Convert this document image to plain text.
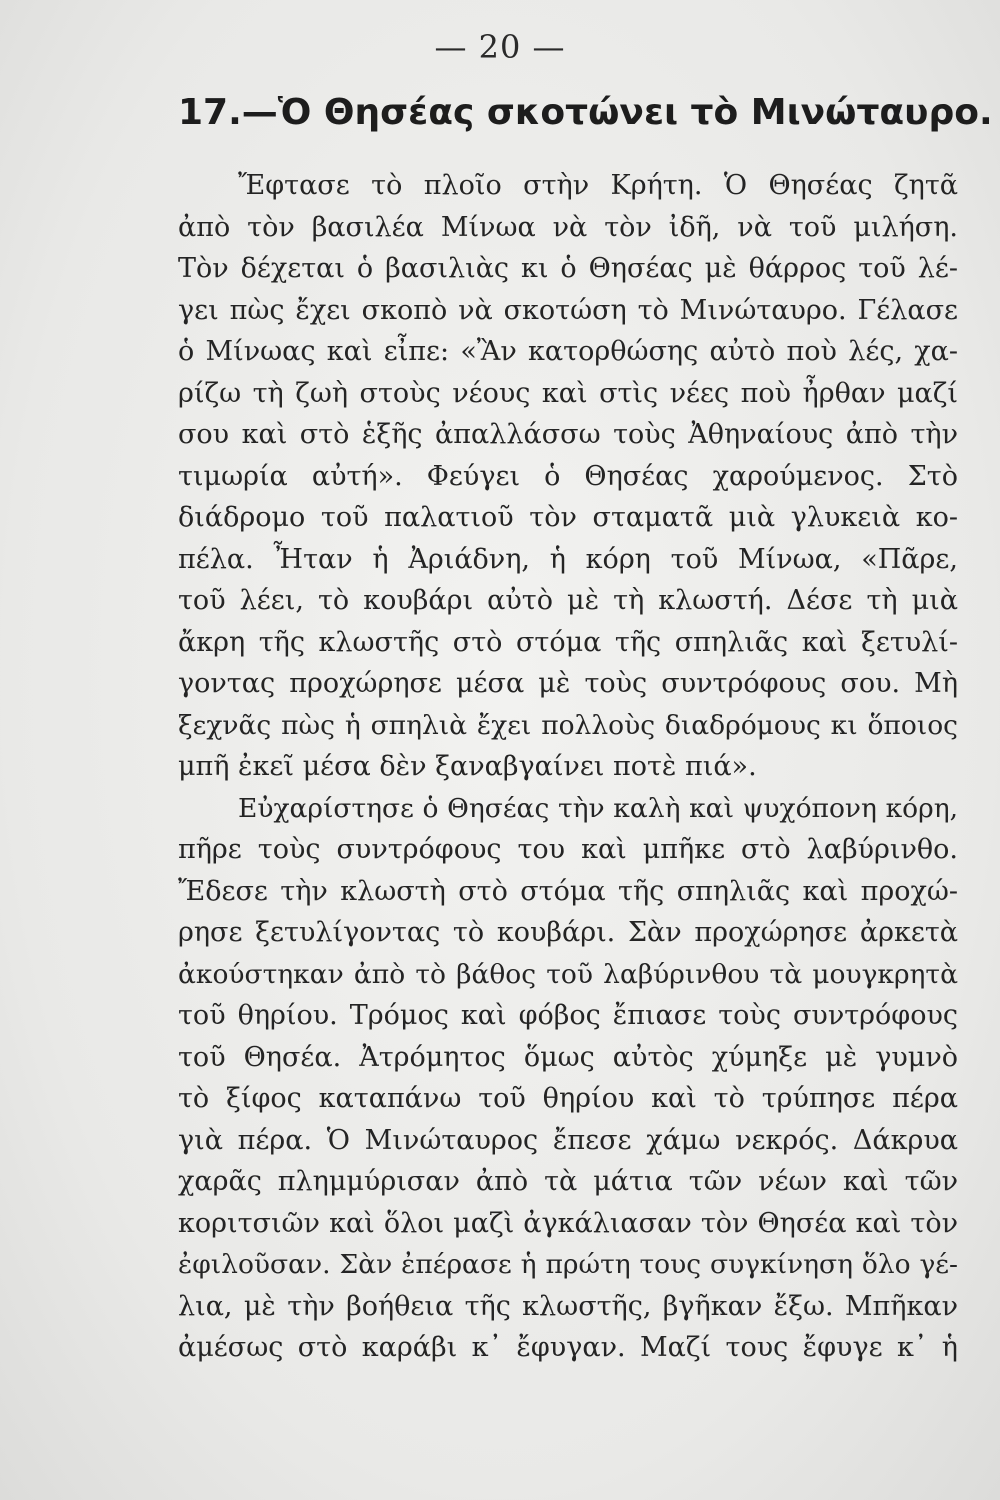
— 20 —
17.—Ὁ Θησέας σκοτώνει τὸ Μινώταυρο.
Ἔφτασε τὸ πλοῖο στὴν Κρήτη. Ὁ Θησέας ζητᾶ
ἀπὸ τὸν βασιλέα Μίνωα νὰ τὸν ἰδῆ, νὰ τοῦ μιλήση.
Τὸν δέχεται ὁ βασιλιὰς κι ὁ Θησέας μὲ θάρρος τοῦ λέ-
γει πὼς ἔχει σκοπὸ νὰ σκοτώση τὸ Μινώταυρο. Γέλασε
ὁ Μίνωας καὶ εἶπε: «Ἂν κατορθώσης αὐτὸ ποὺ λές, χα-
ρίζω τὴ ζωὴ στοὺς νέους καὶ στὶς νέες ποὺ ἦρθαν μαζί
σου καὶ στὸ ἑξῆς ἀπαλλάσσω τοὺς Ἀθηναίους ἀπὸ τὴν
τιμωρία αὐτή». Φεύγει ὁ Θησέας χαρούμενος. Στὸ
διάδρομο τοῦ παλατιοῦ τὸν σταματᾶ μιὰ γλυκειὰ κο-
πέλα. Ἦταν ἡ Ἀριάδνη, ἡ κόρη τοῦ Μίνωα, «Πᾶρε,
τοῦ λέει, τὸ κουβάρι αὐτὸ μὲ τὴ κλωστή. Δέσε τὴ μιὰ
ἄκρη τῆς κλωστῆς στὸ στόμα τῆς σπηλιᾶς καὶ ξετυλί-
γοντας προχώρησε μέσα μὲ τοὺς συντρόφους σου. Μὴ
ξεχνᾶς πὼς ἡ σπηλιὰ ἔχει πολλοὺς διαδρόμους κι ὅποιος
μπῆ ἐκεῖ μέσα δὲν ξαναβγαίνει ποτὲ πιά».
Εὐχαρίστησε ὁ Θησέας τὴν καλὴ καὶ ψυχόπονη κόρη,
πῆρε τοὺς συντρόφους του καὶ μπῆκε στὸ λαβύρινθο.
Ἔδεσε τὴν κλωστὴ στὸ στόμα τῆς σπηλιᾶς καὶ προχώ-
ρησε ξετυλίγοντας τὸ κουβάρι. Σὰν προχώρησε ἀρκετὰ
ἀκούστηκαν ἀπὸ τὸ βάθος τοῦ λαβύρινθου τὰ μουγκρητὰ
τοῦ θηρίου. Τρόμος καὶ φόβος ἔπιασε τοὺς συντρόφους
τοῦ Θησέα. Ἀτρόμητος ὅμως αὐτὸς χύμηξε μὲ γυμνὸ
τὸ ξίφος καταπάνω τοῦ θηρίου καὶ τὸ τρύπησε πέρα
γιὰ πέρα. Ὁ Μινώταυρος ἔπεσε χάμω νεκρός. Δάκρυα
χαρᾶς πλημμύρισαν ἀπὸ τὰ μάτια τῶν νέων καὶ τῶν
κοριτσιῶν καὶ ὅλοι μαζὶ ἀγκάλιασαν τὸν Θησέα καὶ τὸν
ἐφιλοῦσαν. Σὰν ἐπέρασε ἡ πρώτη τους συγκίνηση ὅλο γέ-
λια, μὲ τὴν βοήθεια τῆς κλωστῆς, βγῆκαν ἔξω. Μπῆκαν
ἀμέσως στὸ καράβι κ᾿ ἔφυγαν. Μαζί τους ἔφυγε κ᾿ ἡ
